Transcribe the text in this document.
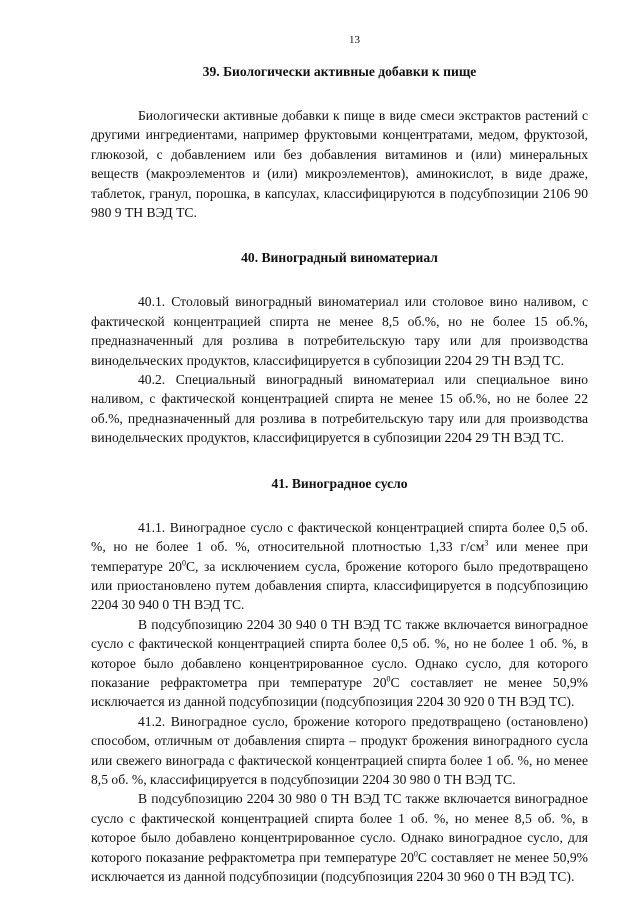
13
39. Биологически активные добавки к пище

Биологически активные добавки к пище в виде смеси экстрактов растений с другими ингредиентами, например фруктовыми концентратами, медом, фруктозой, глюкозой, с добавлением или без добавления витаминов и (или) минеральных веществ (макроэлементов и (или) микроэлементов), аминокислот, в виде драже, таблеток, гранул, порошка, в капсулах, классифицируются в подсубпозиции 2106 90 980 9 ТН ВЭД ТС.

40. Виноградный виноматериал

40.1. Столовый виноградный виноматериал или столовое вино наливом, с фактической концентрацией спирта не менее 8,5 об.%, но не более 15 об.%, предназначенный для розлива в потребительскую тару или для производства винодельческих продуктов, классифицируется в субпозиции 2204 29 ТН ВЭД ТС.

40.2. Специальный виноградный виноматериал или специальное вино наливом, с фактической концентрацией спирта не менее 15 об.%, но не более 22 об.%, предназначенный для розлива в потребительскую тару или для производства винодельческих продуктов, классифицируется в субпозиции 2204 29 ТН ВЭД ТС.

41. Виноградное сусло

41.1. Виноградное сусло с фактической концентрацией спирта более 0,5 об. %, но не более 1 об. %, относительной плотностью 1,33 $г/см^3$ или менее при температуре $20^0С$, за исключением сусла, брожение которого было предотвращено или приостановлено путем добавления спирта, классифицируется в подсубпозицию 2204 30 940 0 ТН ВЭД ТС.

В подсубпозицию 2204 30 940 0 ТН ВЭД ТС также включается виноградное сусло с фактической концентрацией спирта более 0,5 об. %, но не более 1 об. %, в которое было добавлено концентрированное сусло. Однако сусло, для которого показание рефрактометра при температуре $20^0С$ составляет не менее 50,9% исключается из данной подсубпозиции (подсубпозиция 2204 30 920 0 ТН ВЭД ТС).

41.2. Виноградное сусло, брожение которого предотвращено (остановлено) способом, отличным от добавления спирта – продукт брожения виноградного сусла или свежего винограда с фактической концентрацией спирта более 1 об. %, но менее 8,5 об. %, классифицируется в подсубпозиции 2204 30 980 0 ТН ВЭД ТС.

В подсубпозицию 2204 30 980 0 ТН ВЭД ТС также включается виноградное сусло с фактической концентрацией спирта более 1 об. %, но менее 8,5 об. %, в которое было добавлено концентрированное сусло. Однако виноградное сусло, для которого показание рефрактометра при температуре $20^0С$ составляет не менее 50,9% исключается из данной подсубпозиции (подсубпозиция 2204 30 960 0 ТН ВЭД ТС).
